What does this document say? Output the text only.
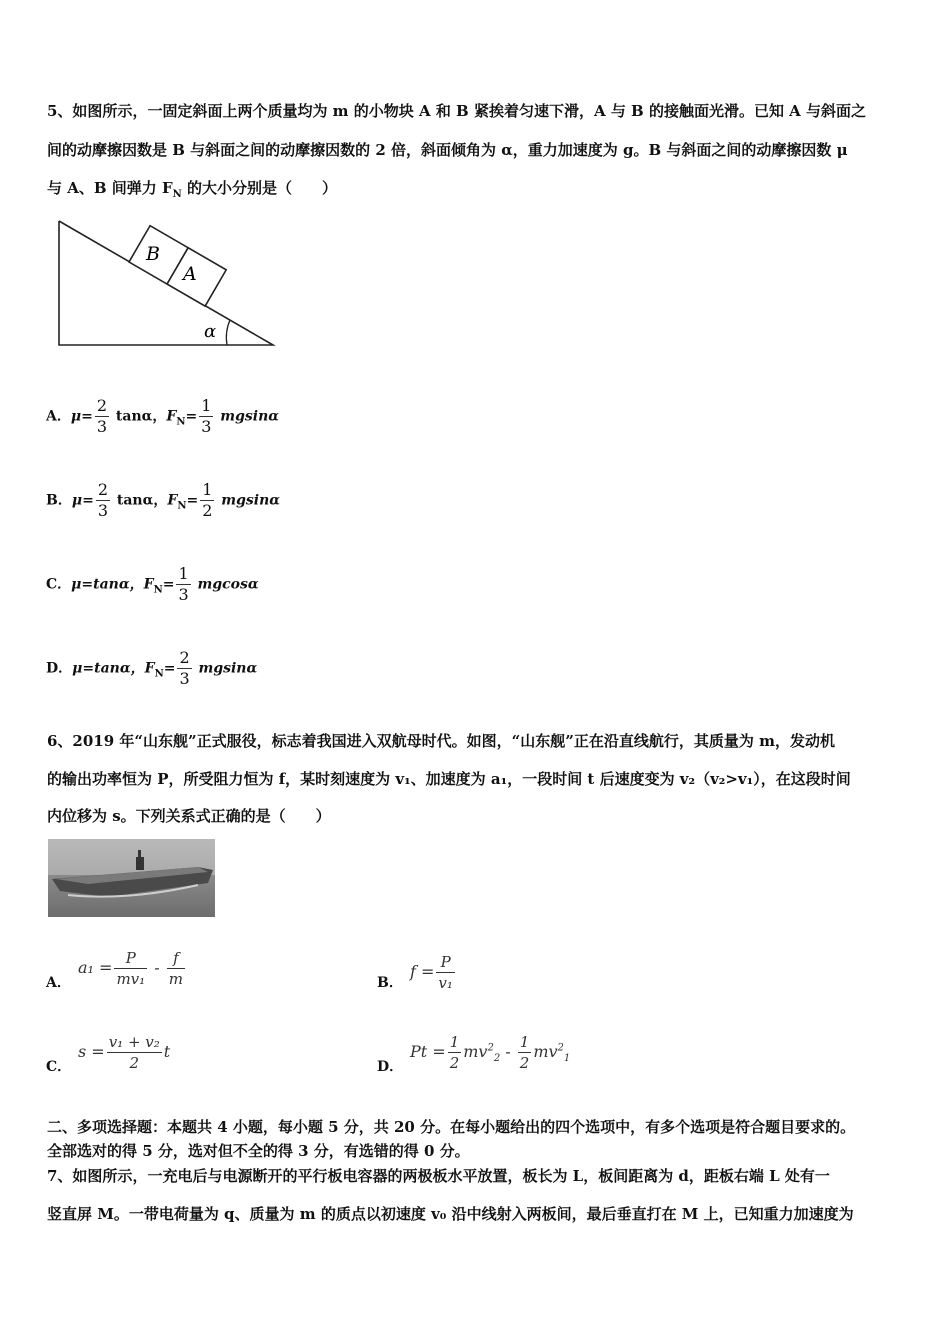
5、如图所示，一固定斜面上两个质量均为 m 的小物块 A 和 B 紧挨着匀速下滑，A 与 B 的接触面光滑。已知 A 与斜面之
间的动摩擦因数是 B 与斜面之间的动摩擦因数的 2 倍，斜面倾角为 α，重力加速度为 g。B 与斜面之间的动摩擦因数 μ
与 A、B 间弹力 $F_N$ 的大小分别是（　　）
B
A
α
A．$\mu= \frac{2}{3}$ tanα，$F_N= \frac{1}{3}$ mgsinα
B．$\mu= \frac{2}{3}$ tanα，$F_N= \frac{1}{2}$ mgsinα
C．μ=tanα，$F_N= \frac{1}{3}$ mgcosα
D．μ=tanα，$F_N= \frac{2}{3}$ mgsinα
6、2019 年“山东舰”正式服役，标志着我国进入双航母时代。如图，“山东舰”正在沿直线航行，其质量为 m，发动机
的输出功率恒为 P，所受阻力恒为 f，某时刻速度为 v₁、加速度为 a₁，一段时间 t 后速度变为 v₂（v₂>v₁），在这段时间
内位移为 s。下列关系式正确的是（　　）
A．
$a_1 = \frac{P}{\text{mv₁}} - \frac{f}{m}$	B．
$f = \frac{P}{\text{v₁}}$
C．
$s = \frac{\text{v₁ + v₂}}{2}$ t
D．
$Pt = \frac{1}{2} mv^2_2 - \frac{1}{2} mv^2_1$
二、多项选择题：本题共 4 小题，每小题 5 分，共 20 分。在每小题给出的四个选项中，有多个选项是符合题目要求的。
全部选对的得 5 分，选对但不全的得 3 分，有选错的得 0 分。
7、如图所示，一充电后与电源断开的平行板电容器的两极板水平放置，板长为 L，板间距离为 d，距板右端 L 处有一
竖直屏 M。一带电荷量为 q、质量为 m 的质点以初速度 v₀ 沿中线射入两板间，最后垂直打在 M 上，已知重力加速度为
